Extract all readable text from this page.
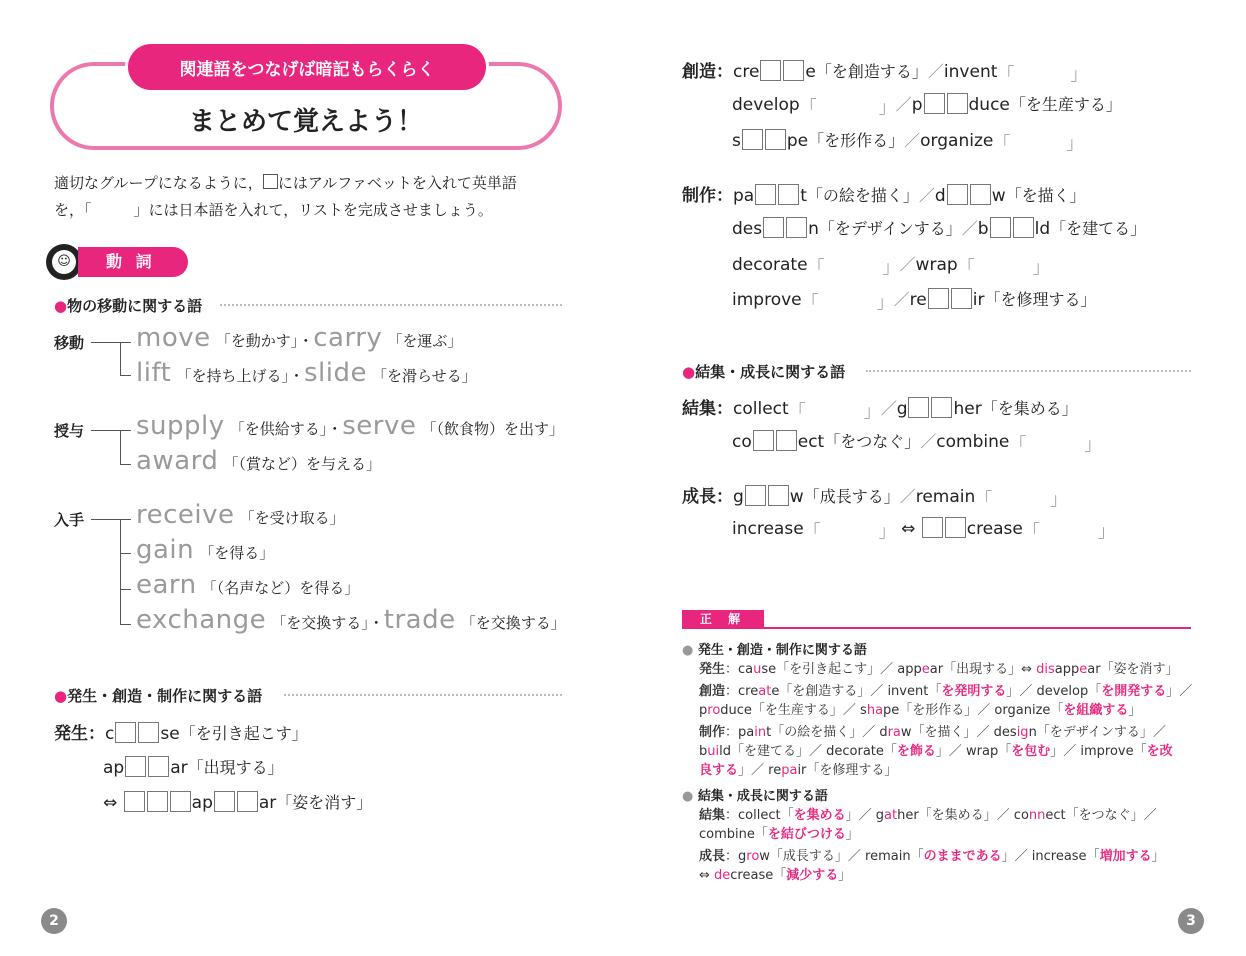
関連語をつなげば暗記もらくらく
まとめて覚えよう！
適切なグループになるように， にはアルファベットを入れて英単語
を，「	」には日本語を入れて，リストを完成させましょう。
☺	動 詞
●物の移動に関する語
移動 move 「を動かす」・carry 「を運ぶ」
lift 「を持ち上げる」・slide 「を滑らせる」
授与 supply 「を供給する」・serve 「（飲食物）を出す」
award 「（賞など）を与える」
入手 receive 「を受け取る」
gain 「を得る」
earn 「（名声など）を得る」
exchange 「を交換する」・trade 「を交換する」
●発生・創造・制作に関する語
発生：c	se「を引き起こす」
ap	ar「出現する」
⇔	ap	ar「姿を消す」
2
創造：cre	e「を創造する」／invent「	」
develop「	」 ／p	duce「を生産する」
s	pe「を形作る」／organize「	」
制作：pa	t「の絵を描く」／d	w「を描く」
des	n「をデザインする」／b	ld「を建てる」
decorate「	」 ／wrap「	」
improve「	」 ／re	ir「を修理する」
●結集・成長に関する語
結集：collect「	」 ／g	her「を集める」
co	ect「をつなぐ」／combine「	」
成長：g	w「成長する」／remain「	」
increase「	」 ⇔	crease「	」
正 解
● 発生・創造・制作に関する語
発生：cause「を引き起こす」／ appear「出現する」⇔ disappear「姿を消す」
創造：create「を創造する」／ invent「を発明する」／ develop「を開発する」／
produce「を生産する」／ shape「を形作る」／ organize「を組織する」
制作：paint「の絵を描く」／ draw「を描く」／ design「をデザインする」／
build「を建てる」／ decorate「を飾る」／ wrap「を包む」／ improve「を改
良する」／ repair「を修理する」
● 結集・成長に関する語
結集：collect「を集める」／ gather「を集める」／ connect「をつなぐ」／
combine「を結びつける」
成長：grow「成長する」／ remain「のままである」／ increase「増加する」
⇔ decrease「減少する」
3
